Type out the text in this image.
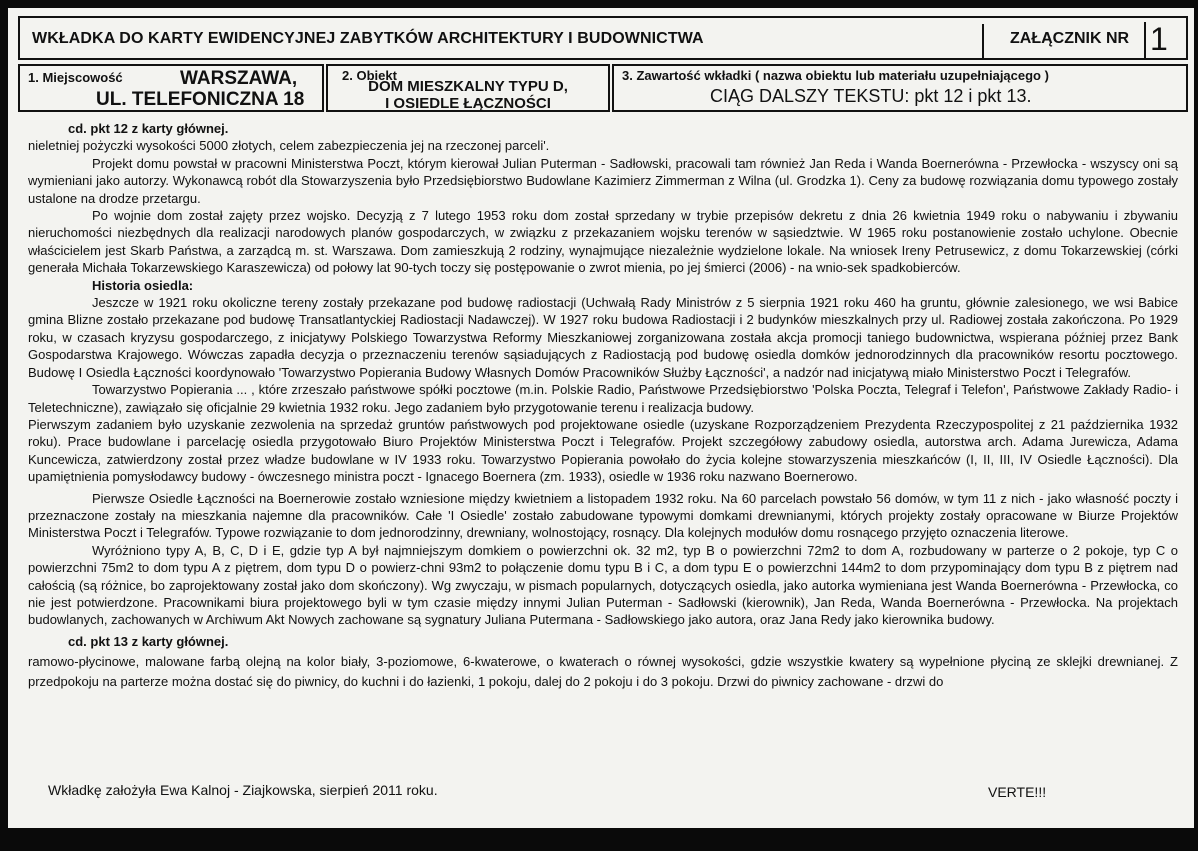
WKŁADKA DO KARTY EWIDENCYJNEJ ZABYTKÓW ARCHITEKTURY I BUDOWNICTWA	ZAŁĄCZNIK NR 1
1. Miejscowość	WARSZAWA,
UL. TELEFONICZNA 18
2. Obiekt
DOM MIESZKALNY TYPU D,
I OSIEDLE ŁĄCZNOŚCI
3. Zawartość wkładki ( nazwa obiektu lub materiału uzupełniającego )
CIĄG DALSZY TEKSTU: pkt 12 i pkt 13.

cd. pkt 12 z karty głównej.

nieletniej pożyczki wysokości 5000 złotych, celem zabezpieczenia jej na rzeczonej parceli'.

Projekt domu powstał w pracowni Ministerstwa Poczt, którym kierował Julian Puterman - Sadłowski, pracowali tam również Jan Reda i Wanda Boernerówna - Przewłocka - wszyscy oni są wymieniani jako autorzy. Wykonawcą robót dla Stowarzyszenia było Przedsiębiorstwo Budowlane Kazimierz Zimmerman z Wilna (ul. Grodzka 1). Ceny za budowę rozwiązania domu typowego zostały ustalone na drodze przetargu.

Po wojnie dom został zajęty przez wojsko. Decyzją z 7 lutego 1953 roku dom został sprzedany w trybie przepisów dekretu z dnia 26 kwietnia 1949 roku o nabywaniu i zbywaniu nieruchomości niezbędnych dla realizacji narodowych planów gospodarczych, w związku z przekazaniem wojsku terenów w sąsiedztwie. W 1965 roku postanowienie zostało uchylone. Obecnie właścicielem jest Skarb Państwa, a zarządcą m. st. Warszawa. Dom zamieszkują 2 rodziny, wynajmujące niezależnie wydzielone lokale. Na wniosek Ireny Petrusewicz, z domu Tokarzewskiej (córki generała Michała Tokarzewskiego Karaszewicza) od połowy lat 90-tych toczy się postępowanie o zwrot mienia, po jej śmierci (2006) - na wnio-sek spadkobierców.

Historia osiedla:

Jeszcze w 1921 roku okoliczne tereny zostały przekazane pod budowę radiostacji (Uchwałą Rady Ministrów z 5 sierpnia 1921 roku 460 ha gruntu, głównie zalesionego, we wsi Babice gmina Blizne zostało przekazane pod budowę Transatlantyckiej Radiostacji Nadawczej). W 1927 roku budowa Radiostacji i 2 budynków mieszkalnych przy ul. Radiowej została zakończona. Po 1929 roku, w czasach kryzysu gospodarczego, z inicjatywy Polskiego Towarzystwa Reformy Mieszkaniowej zorganizowana została akcja promocji taniego budownictwa, wspierana później przez Bank Gospodarstwa Krajowego. Wówczas zapadła decyzja o przeznaczeniu terenów sąsiadujących z Radiostacją pod budowę osiedla domków jednorodzinnych dla pracowników resortu pocztowego. Budowę I Osiedla Łączności koordynowało 'Towarzystwo Popierania Budowy Własnych Domów Pracowników Służby Łączności', a nadzór nad inicjatywą miało Ministerstwo Poczt i Telegrafów.

Towarzystwo Popierania ... , które zrzeszało państwowe spółki pocztowe (m.in. Polskie Radio, Państwowe Przedsiębiorstwo 'Polska Poczta, Telegraf i Telefon', Państwowe Zakłady Radio- i Teletechniczne), zawiązało się oficjalnie 29 kwietnia 1932 roku. Jego zadaniem było przygotowanie terenu i realizacja budowy.

Pierwszym zadaniem było uzyskanie zezwolenia na sprzedaż gruntów państwowych pod projektowane osiedle (uzyskane Rozporządzeniem Prezydenta Rzeczypospolitej z 21 października 1932 roku). Prace budowlane i parcelację osiedla przygotowało Biuro Projektów Ministerstwa Poczt i Telegrafów. Projekt szczegółowy zabudowy osiedla, autorstwa arch. Adama Jurewicza, Adama Kuncewicza, zatwierdzony został przez władze budowlane w IV 1933 roku. Towarzystwo Popierania powołało do życia kolejne stowarzyszenia mieszkańców (I, II, III, IV Osiedle Łączności). Dla upamiętnienia pomysłodawcy budowy - ówczesnego ministra poczt - Ignacego Boernera (zm. 1933), osiedle w 1936 roku nazwano Boernerowo.

Pierwsze Osiedle Łączności na Boernerowie zostało wzniesione między kwietniem a listopadem 1932 roku. Na 60 parcelach powstało 56 domów, w tym 11 z nich - jako własność poczty i przeznaczone zostały na mieszkania najemne dla pracowników. Całe 'I Osiedle' zostało zabudowane typowymi domkami drewnianymi, których projekty zostały opracowane w Biurze Projektów Ministerstwa Poczt i Telegrafów. Typowe rozwiązanie to dom jednorodzinny, drewniany, wolnostojący, rosnący. Dla kolejnych modułów domu rosnącego przyjęto oznaczenia literowe.

Wyróżniono typy A, B, C, D i E, gdzie typ A był najmniejszym domkiem o powierzchni ok. 32 m2, typ B o powierzchni 72m2 to dom A, rozbudowany w parterze o 2 pokoje, typ C o powierzchni 75m2 to dom typu A z piętrem, dom typu D o powierz-chni 93m2 to połączenie domu typu B i C, a dom typu E o powierzchni 144m2 to dom przypominający dom typu B z piętrem nad całością (są różnice, bo zaprojektowany został jako dom skończony). Wg zwyczaju, w pismach popularnych, dotyczących osiedla, jako autorka wymieniana jest Wanda Boernerówna - Przewłocka, co nie jest potwierdzone. Pracownikami biura projektowego byli w tym czasie między innymi Julian Puterman - Sadłowski (kierownik), Jan Reda, Wanda Boernerówna - Przewłocka. Na projektach budowlanych, zachowanych w Archiwum Akt Nowych zachowane są sygnatury Juliana Putermana - Sadłowskiego jako autora, oraz Jana Redy jako kierownika budowy.

cd. pkt 13 z karty głównej.

ramowo-płycinowe, malowane farbą olejną na kolor biały, 3-poziomowe, 6-kwaterowe, o kwaterach o równej wysokości, gdzie wszystkie kwatery są wypełnione płyciną ze sklejki drewnianej. Z przedpokoju na parterze można dostać się do piwnicy, do kuchni i do łazienki, 1 pokoju, dalej do 2 pokoju i do 3 pokoju. Drzwi do piwnicy zachowane - drzwi do

Wkładkę założyła Ewa Kalnoj - Ziajkowska, sierpień 2011 roku.	VERTE!!!
